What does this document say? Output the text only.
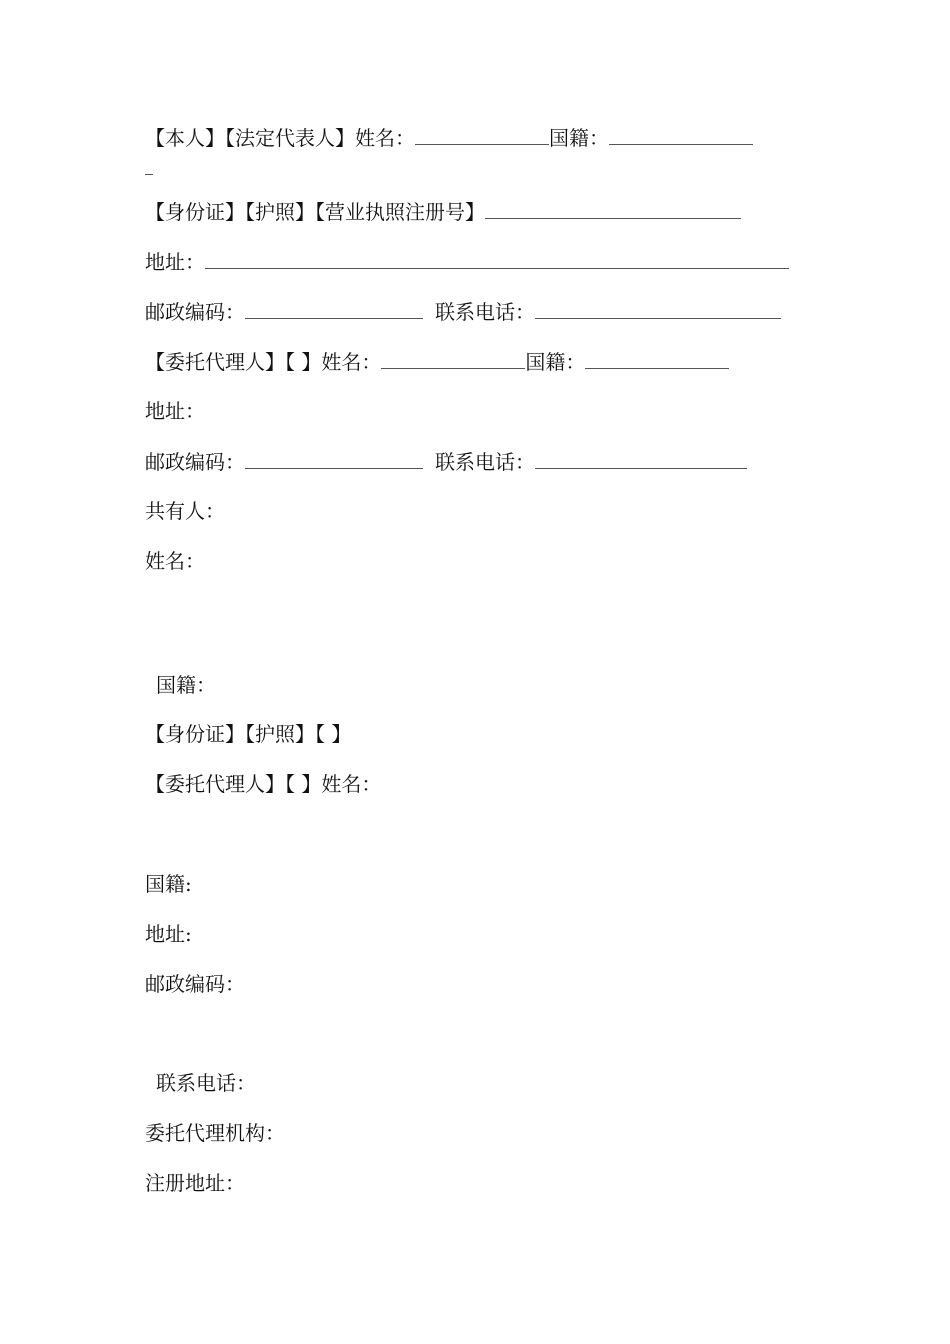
【本人】【法定代表人】姓名：	国籍：
【身份证】【护照】【营业执照注册号】
地址：
邮政编码：	联系电话：
【委托代理人】【 】姓名：	国籍：
地址：
邮政编码：	联系电话：
共有人：
姓名：
国籍：
【身份证】【护照】【 】
【委托代理人】【 】姓名：
国籍:
地址:
邮政编码：
联系电话：
委托代理机构：
注册地址：
